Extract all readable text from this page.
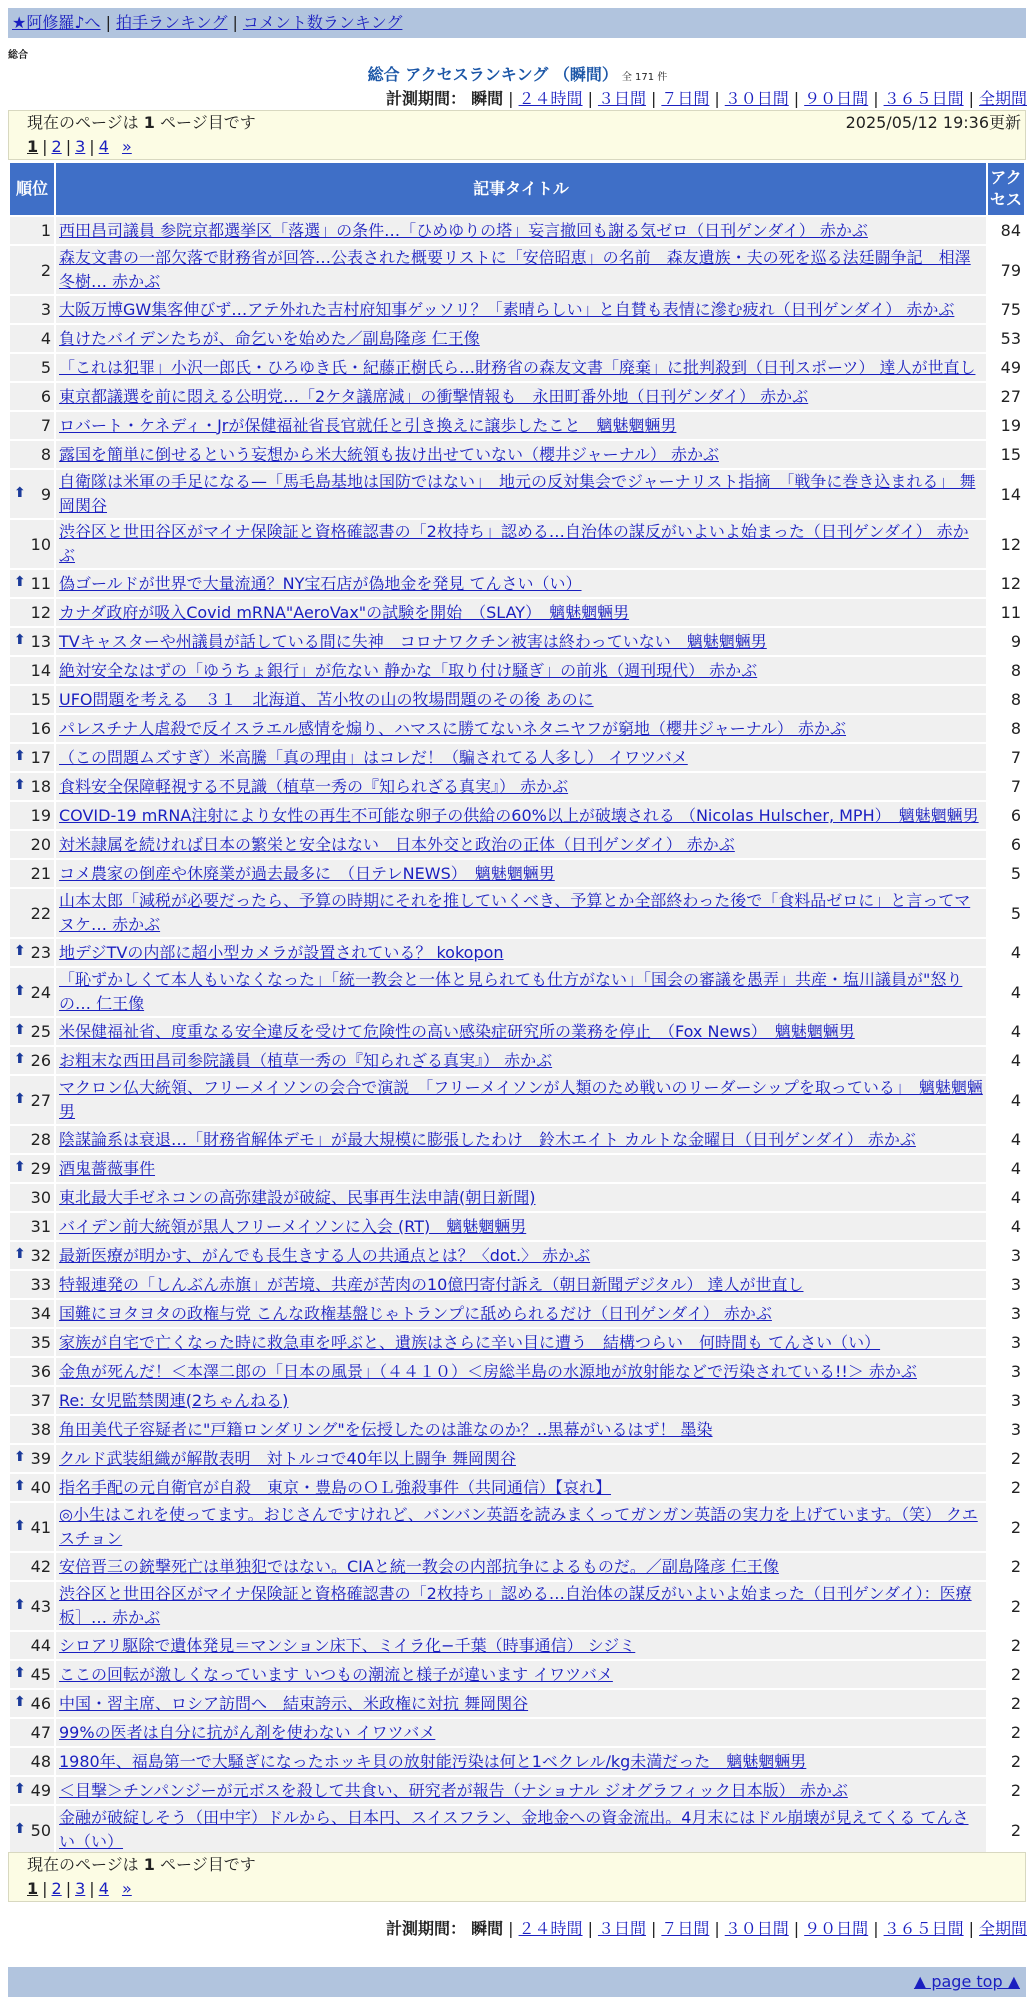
★阿修羅♪へ | 拍手ランキング | コメント数ランキング
総合
総合 アクセスランキング （瞬間） 全 171 件
計測期間： 瞬間 | ２４時間 | ３日間 | ７日間 | ３０日間 | ９０日間 | ３６５日間 | 全期間
現在のページは 1 ページ目です	2025/05/12 19:36更新
1 | 2 | 3 | 4 »
順位	記事タイトル	アクセス
1	西田昌司議員 参院京都選挙区「落選」の条件…「ひめゆりの塔」妄言撤回も謝る気ゼロ（日刊ゲンダイ） 赤かぶ	84
2	森友文書の一部欠落で財務省が回答…公表された概要リストに「安倍昭恵」の名前　森友遺族・夫の死を巡る法廷闘争記　相澤冬樹… 赤かぶ	79
3	大阪万博GW集客伸びず…アテ外れた吉村府知事ゲッソリ？「素晴らしい」と自賛も表情に滲む疲れ（日刊ゲンダイ） 赤かぶ	75
4	負けたバイデンたちが、命乞いを始めた／副島隆彦 仁王像	53
5	「これは犯罪」小沢一郎氏・ひろゆき氏・紀藤正樹氏ら…財務省の森友文書「廃棄」に批判殺到（日刊スポーツ） 達人が世直し	49
6	東京都議選を前に悶える公明党…「2ケタ議席減」の衝撃情報も　永田町番外地（日刊ゲンダイ） 赤かぶ	27
7	ロバート・ケネディ・Jrが保健福祉省長官就任と引き換えに譲歩したこと　魑魅魍魎男	19
8	露国を簡単に倒せるという妄想から米大統領も抜け出せていない（櫻井ジャーナル） 赤かぶ	15

⬆ 9	自衛隊は米軍の手足になる—「馬毛島基地は国防ではない」　地元の反対集会でジャーナリスト指摘　「戦争に巻き込まれる」 舞岡関谷	14
10	渋谷区と世田谷区がマイナ保険証と資格確認書の「2枚持ち」認める…自治体の謀反がいよいよ始まった（日刊ゲンダイ） 赤かぶ	12

⬆ 11	偽ゴールドが世界で大量流通？NY宝石店が偽地金を発見 てんさい（い）	12
12	カナダ政府が吸入Covid mRNA"AeroVax"の試験を開始　（SLAY）　魑魅魍魎男	11

⬆ 13	TVキャスターや州議員が話している間に失神　コロナワクチン被害は終わっていない　魑魅魍魎男	9
14	絶対安全なはずの「ゆうちょ銀行」が危ない 静かな「取り付け騒ぎ」の前兆（週刊現代） 赤かぶ	8
15	UFO問題を考える　３１　北海道、苫小牧の山の牧場問題のその後 あのに	8
16	パレスチナ人虐殺で反イスラエル感情を煽り、ハマスに勝てないネタニヤフが窮地（櫻井ジャーナル） 赤かぶ	8

⬆ 17	（この問題ムズすぎ）米高騰「真の理由」はコレだ！（騙されてる人多し） イワツバメ	7

⬆ 18	食料安全保障軽視する不見識（植草一秀の『知られざる真実』） 赤かぶ	7
19	COVID-19 mRNA注射により女性の再生不可能な卵子の供給の60%以上が破壊される （Nicolas Hulscher, MPH）　魑魅魍魎男	6
20	対米隷属を続ければ日本の繁栄と安全はない　日本外交と政治の正体（日刊ゲンダイ） 赤かぶ	6
21	コメ農家の倒産や休廃業が過去最多に　（日テレNEWS）　魑魅魍魎男	5
22	山本太郎「減税が必要だったら、予算の時期にそれを推していくべき、予算とか全部終わった後で「食料品ゼロに」と言ってマヌケ… 赤かぶ	5

⬆ 23	地デジTVの内部に超小型カメラが設置されている？ kokopon	4

⬆ 24	「恥ずかしくて本人もいなくなった」「統一教会と一体と見られても仕方がない」「国会の審議を愚弄」共産・塩川議員が"怒りの… 仁王像	4

⬆ 25	米保健福祉省、度重なる安全違反を受けて危険性の高い感染症研究所の業務を停止　（Fox News）　魑魅魍魎男	4

⬆ 26	お粗末な西田昌司参院議員（植草一秀の『知られざる真実』） 赤かぶ	4

⬆ 27	マクロン仏大統領、フリーメイソンの会合で演説　「フリーメイソンが人類のため戦いのリーダーシップを取っている」　魑魅魍魎男	4
28	陰謀論系は衰退…「財務省解体デモ」が最大規模に膨張したわけ　鈴木エイト カルトな金曜日（日刊ゲンダイ） 赤かぶ	4

⬆ 29	酒鬼薔薇事件	4
30	東北最大手ゼネコンの高弥建設が破綻、民事再生法申請(朝日新聞)	4
31	バイデン前大統領が黒人フリーメイソンに入会 (RT)　魑魅魍魎男	4

⬆ 32	最新医療が明かす、がんでも長生きする人の共通点とは？〈dot.〉 赤かぶ	3
33	特報連発の「しんぶん赤旗」が苦境、共産が苦肉の10億円寄付訴え（朝日新聞デジタル） 達人が世直し	3
34	国難にヨタヨタの政権与党 こんな政権基盤じゃトランプに舐められるだけ（日刊ゲンダイ） 赤かぶ	3
35	家族が自宅で亡くなった時に救急車を呼ぶと、遺族はさらに辛い目に遭う　結構つらい　何時間も てんさい（い）	3
36	金魚が死んだ！＜本澤二郎の「日本の風景」（４４１０）＜房総半島の水源地が放射能などで汚染されている!!＞ 赤かぶ	3
37	Re: 女児監禁関連(2ちゃんねる)	3
38	角田美代子容疑者に"戸籍ロンダリング"を伝授したのは誰なのか？‥黒幕がいるはず！ 墨染	3

⬆ 39	クルド武装組織が解散表明　対トルコで40年以上闘争 舞岡関谷	2

⬆ 40	指名手配の元自衛官が自殺　東京・豊島のＯＬ強殺事件（共同通信）【哀れ】	2

⬆ 41	◎小生はこれを使ってます。おじさんですけれど、バンバン英語を読みまくってガンガン英語の実力を上げています。（笑） クエスチョン	2
42	安倍晋三の銃撃死亡は単独犯ではない。CIAと統一教会の内部抗争によるものだ。／副島隆彦 仁王像	2

⬆ 43	渋谷区と世田谷区がマイナ保険証と資格確認書の「2枚持ち」認める…自治体の謀反がいよいよ始まった（日刊ゲンダイ）：医療板］… 赤かぶ	2
44	シロアリ駆除で遺体発見＝マンション床下、ミイラ化−千葉（時事通信） シジミ	2

⬆ 45	ここの回転が激しくなっています いつもの潮流と様子が違います イワツバメ	2

⬆ 46	中国・習主席、ロシア訪問へ　結束誇示、米政権に対抗 舞岡関谷	2
47	99%の医者は自分に抗がん剤を使わない イワツバメ	2
48	1980年、福島第一で大騒ぎになったホッキ貝の放射能汚染は何と1ベクレル/kg未満だった　魑魅魍魎男	2

⬆ 49	＜目撃＞チンパンジーが元ボスを殺して共食い、研究者が報告（ナショナル ジオグラフィック日本版） 赤かぶ	2

⬆ 50	金融が破綻しそう（田中宇）ドルから、日本円、スイスフラン、金地金への資金流出。4月末にはドル崩壊が見えてくる てんさい（い）	2
現在のページは 1 ページ目です
1 | 2 | 3 | 4 »
計測期間： 瞬間 | ２４時間 | ３日間 | ７日間 | ３０日間 | ９０日間 | ３６５日間 | 全期間
▲ page top ▲
